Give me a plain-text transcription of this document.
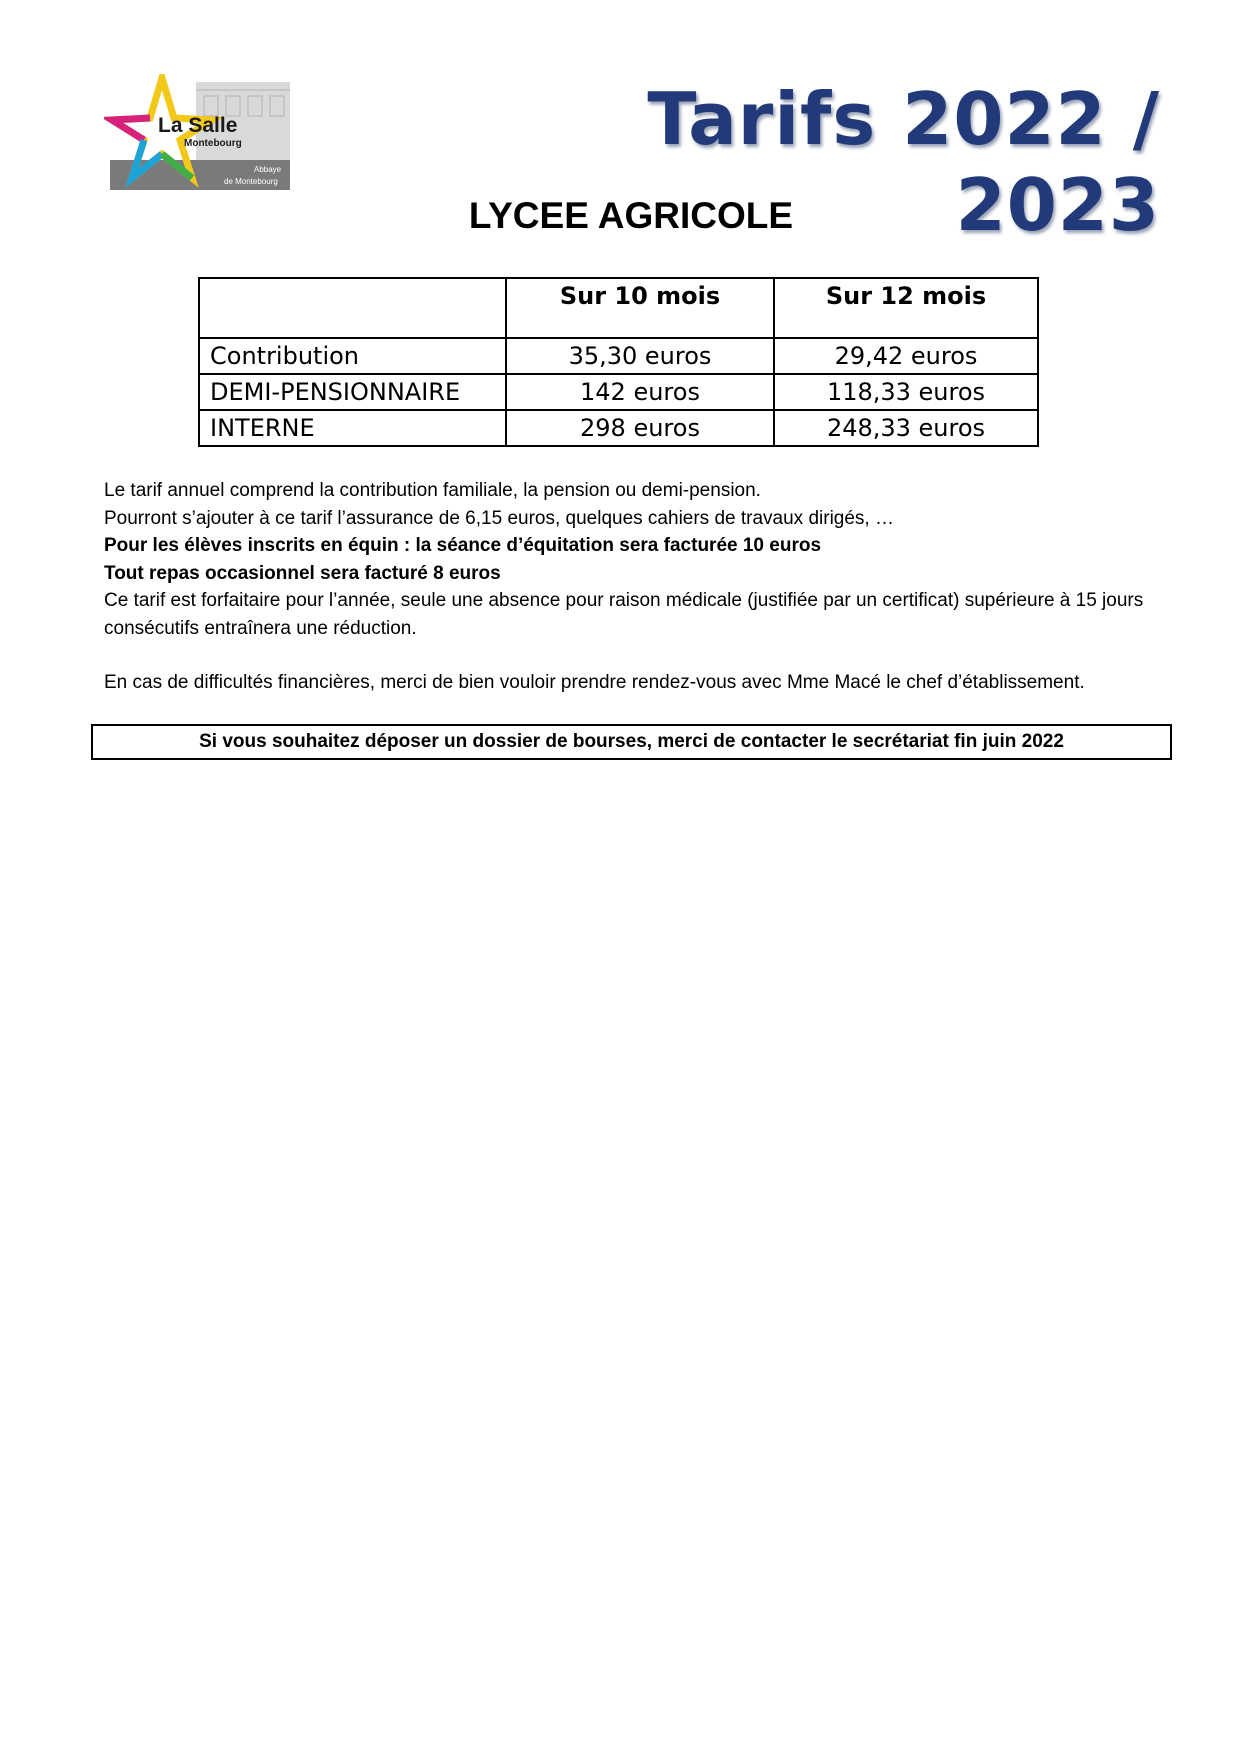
La Salle
Montebourg
Abbaye
de Montebourg
Tarifs 2022 / 2023
LYCEE AGRICOLE
	Sur 10 mois	Sur 12 mois
Contribution	35,30 euros	29,42 euros
DEMI-PENSIONNAIRE	142 euros	118,33 euros
INTERNE	298 euros	248,33 euros

Le tarif annuel comprend la contribution familiale, la pension ou demi-pension.

Pourront s’ajouter à ce tarif l’assurance de 6,15 euros, quelques cahiers de travaux dirigés, …

Pour les élèves inscrits en équin : la séance d’équitation sera facturée 10 euros

Tout repas occasionnel sera facturé 8 euros

Ce tarif est forfaitaire pour l’année, seule une absence pour raison médicale (justifiée par un certificat) supérieure à 15 jours consécutifs entraînera une réduction.

En cas de difficultés financières, merci de bien vouloir prendre rendez-vous avec Mme Macé le chef d’établissement.

Si vous souhaitez déposer un dossier de bourses, merci de contacter le secrétariat fin juin 2022
